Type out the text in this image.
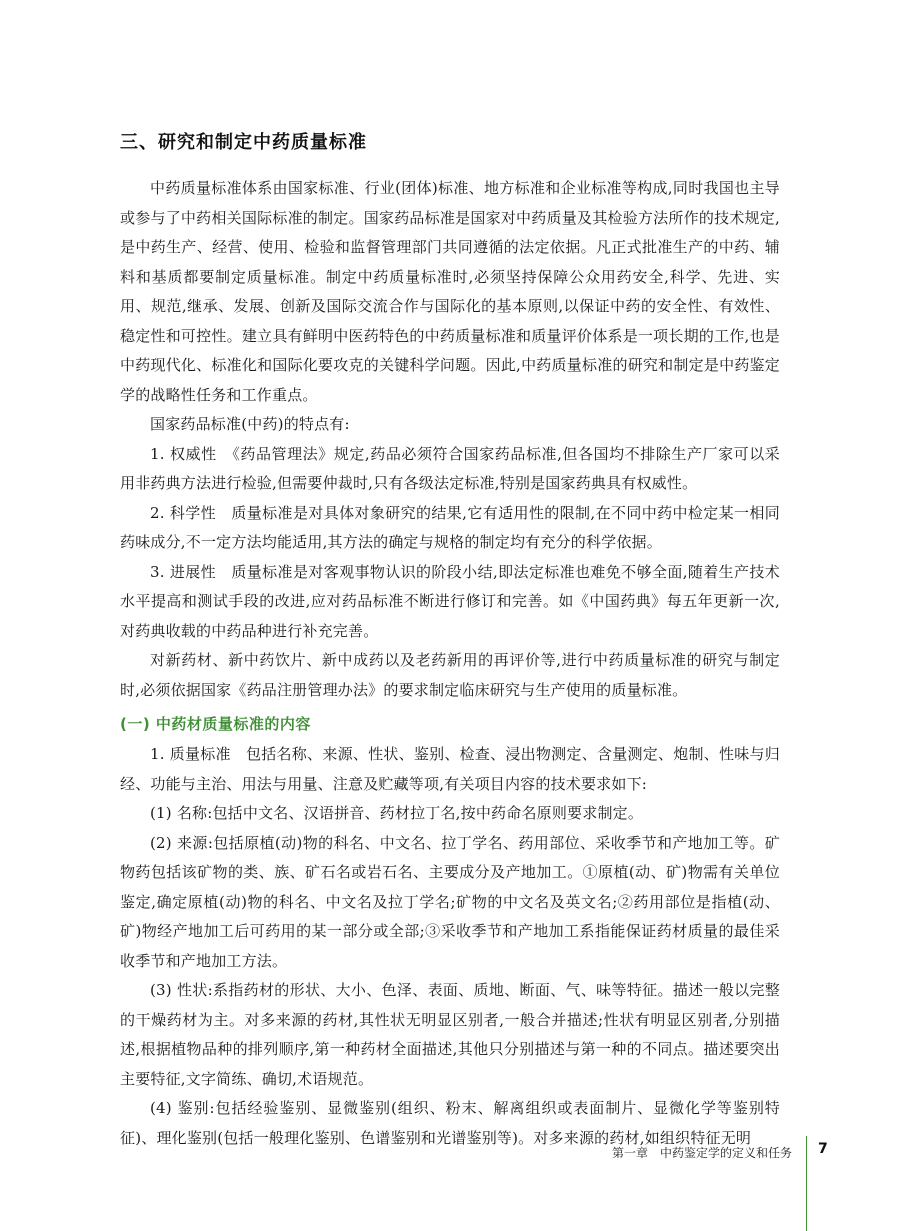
三、研究和制定中药质量标准

中药质量标准体系由国家标准、行业(团体)标准、地方标准和企业标准等构成,同时我国也主导或参与了中药相关国际标准的制定。国家药品标准是国家对中药质量及其检验方法所作的技术规定,是中药生产、经营、使用、检验和监督管理部门共同遵循的法定依据。凡正式批准生产的中药、辅料和基质都要制定质量标准。制定中药质量标准时,必须坚持保障公众用药安全,科学、先进、实用、规范,继承、发展、创新及国际交流合作与国际化的基本原则,以保证中药的安全性、有效性、稳定性和可控性。建立具有鲜明中医药特色的中药质量标准和质量评价体系是一项长期的工作,也是中药现代化、标准化和国际化要攻克的关键科学问题。因此,中药质量标准的研究和制定是中药鉴定学的战略性任务和工作重点。

国家药品标准(中药)的特点有:

1. 权威性　《药品管理法》规定,药品必须符合国家药品标准,但各国均不排除生产厂家可以采用非药典方法进行检验,但需要仲裁时,只有各级法定标准,特别是国家药典具有权威性。

2. 科学性　质量标准是对具体对象研究的结果,它有适用性的限制,在不同中药中检定某一相同药味成分,不一定方法均能适用,其方法的确定与规格的制定均有充分的科学依据。

3. 进展性　质量标准是对客观事物认识的阶段小结,即法定标准也难免不够全面,随着生产技术水平提高和测试手段的改进,应对药品标准不断进行修订和完善。如《中国药典》每五年更新一次,对药典收载的中药品种进行补充完善。

对新药材、新中药饮片、新中成药以及老药新用的再评价等,进行中药质量标准的研究与制定时,必须依据国家《药品注册管理办法》的要求制定临床研究与生产使用的质量标准。

(一) 中药材质量标准的内容

1. 质量标准　包括名称、来源、性状、鉴别、检查、浸出物测定、含量测定、炮制、性味与归经、功能与主治、用法与用量、注意及贮藏等项,有关项目内容的技术要求如下:

(1) 名称:包括中文名、汉语拼音、药材拉丁名,按中药命名原则要求制定。

(2) 来源:包括原植(动)物的科名、中文名、拉丁学名、药用部位、采收季节和产地加工等。矿物药包括该矿物的类、族、矿石名或岩石名、主要成分及产地加工。①原植(动、矿)物需有关单位鉴定,确定原植(动)物的科名、中文名及拉丁学名;矿物的中文名及英文名;②药用部位是指植(动、矿)物经产地加工后可药用的某一部分或全部;③采收季节和产地加工系指能保证药材质量的最佳采收季节和产地加工方法。

(3) 性状:系指药材的形状、大小、色泽、表面、质地、断面、气、味等特征。描述一般以完整的干燥药材为主。对多来源的药材,其性状无明显区别者,一般合并描述;性状有明显区别者,分别描述,根据植物品种的排列顺序,第一种药材全面描述,其他只分别描述与第一种的不同点。描述要突出主要特征,文字简练、确切,术语规范。

(4) 鉴别:包括经验鉴别、显微鉴别(组织、粉末、解离组织或表面制片、显微化学等鉴别特征)、理化鉴别(包括一般理化鉴别、色谱鉴别和光谱鉴别等)。对多来源的药材,如组织特征无明

第一章　中药鉴定学的定义和任务 7
